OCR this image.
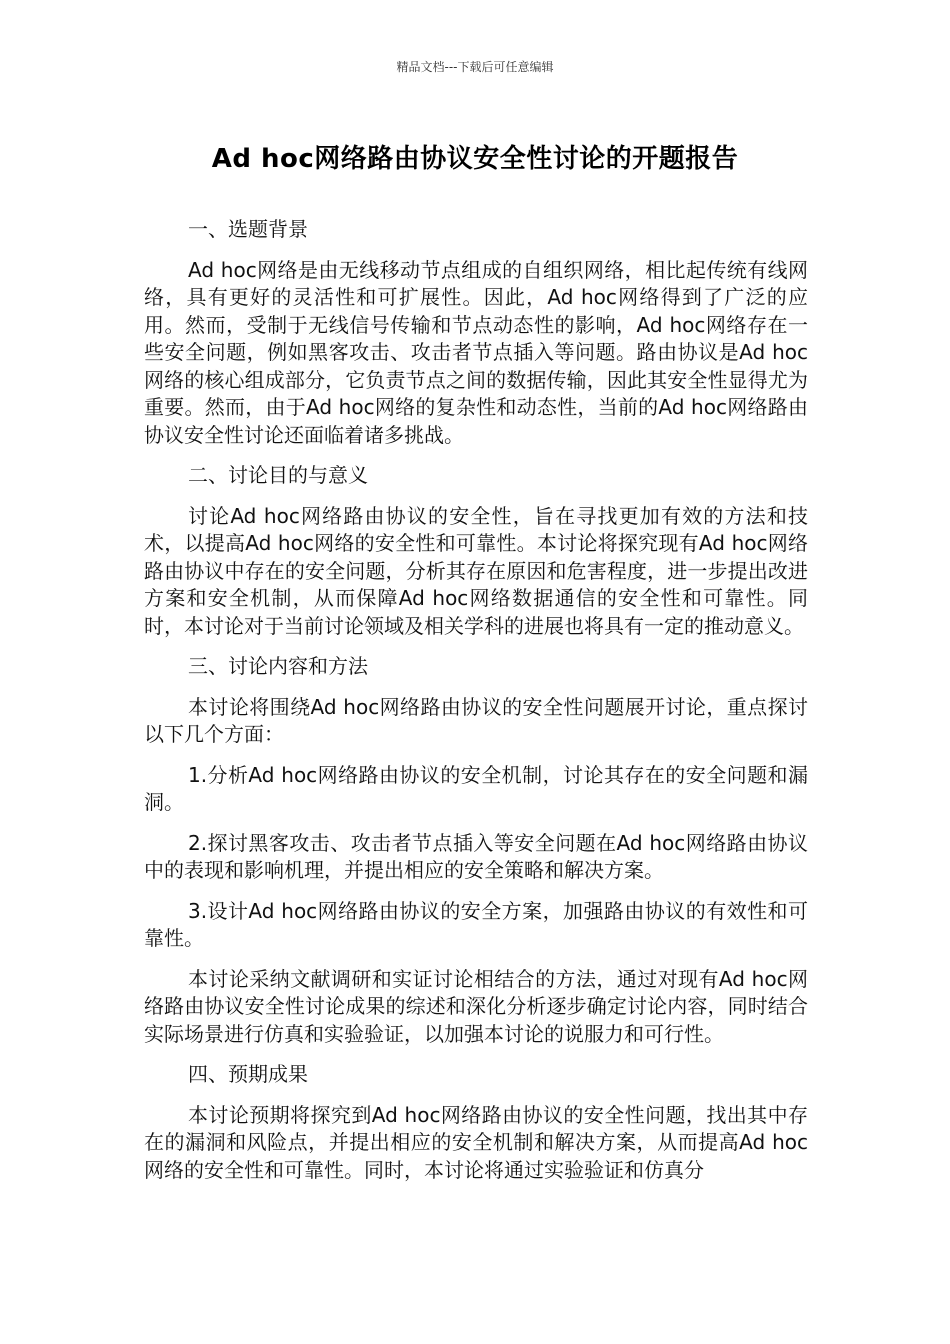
精品文档---下载后可任意编辑
Ad hoc网络路由协议安全性讨论的开题报告
一、选题背景
Ad hoc网络是由无线移动节点组成的自组织网络，相比起传统有线网络，具有更好的灵活性和可扩展性。因此，Ad hoc网络得到了广泛的应用。然而，受制于无线信号传输和节点动态性的影响，Ad hoc网络存在一些安全问题，例如黑客攻击、攻击者节点插入等问题。路由协议是Ad hoc网络的核心组成部分，它负责节点之间的数据传输，因此其安全性显得尤为重要。然而，由于Ad hoc网络的复杂性和动态性，当前的Ad hoc网络路由协议安全性讨论还面临着诸多挑战。
二、讨论目的与意义
讨论Ad hoc网络路由协议的安全性，旨在寻找更加有效的方法和技术，以提高Ad hoc网络的安全性和可靠性。本讨论将探究现有Ad hoc网络路由协议中存在的安全问题，分析其存在原因和危害程度，进一步提出改进方案和安全机制，从而保障Ad hoc网络数据通信的安全性和可靠性。同时，本讨论对于当前讨论领域及相关学科的进展也将具有一定的推动意义。
三、讨论内容和方法
本讨论将围绕Ad hoc网络路由协议的安全性问题展开讨论，重点探讨以下几个方面：
1.分析Ad hoc网络路由协议的安全机制，讨论其存在的安全问题和漏洞。
2.探讨黑客攻击、攻击者节点插入等安全问题在Ad hoc网络路由协议中的表现和影响机理，并提出相应的安全策略和解决方案。
3.设计Ad hoc网络路由协议的安全方案，加强路由协议的有效性和可靠性。
本讨论采纳文献调研和实证讨论相结合的方法，通过对现有Ad hoc网络路由协议安全性讨论成果的综述和深化分析逐步确定讨论内容，同时结合实际场景进行仿真和实验验证，以加强本讨论的说服力和可行性。
四、预期成果
本讨论预期将探究到Ad hoc网络路由协议的安全性问题，找出其中存在的漏洞和风险点，并提出相应的安全机制和解决方案，从而提高Ad hoc网络的安全性和可靠性。同时，本讨论将通过实验验证和仿真分
